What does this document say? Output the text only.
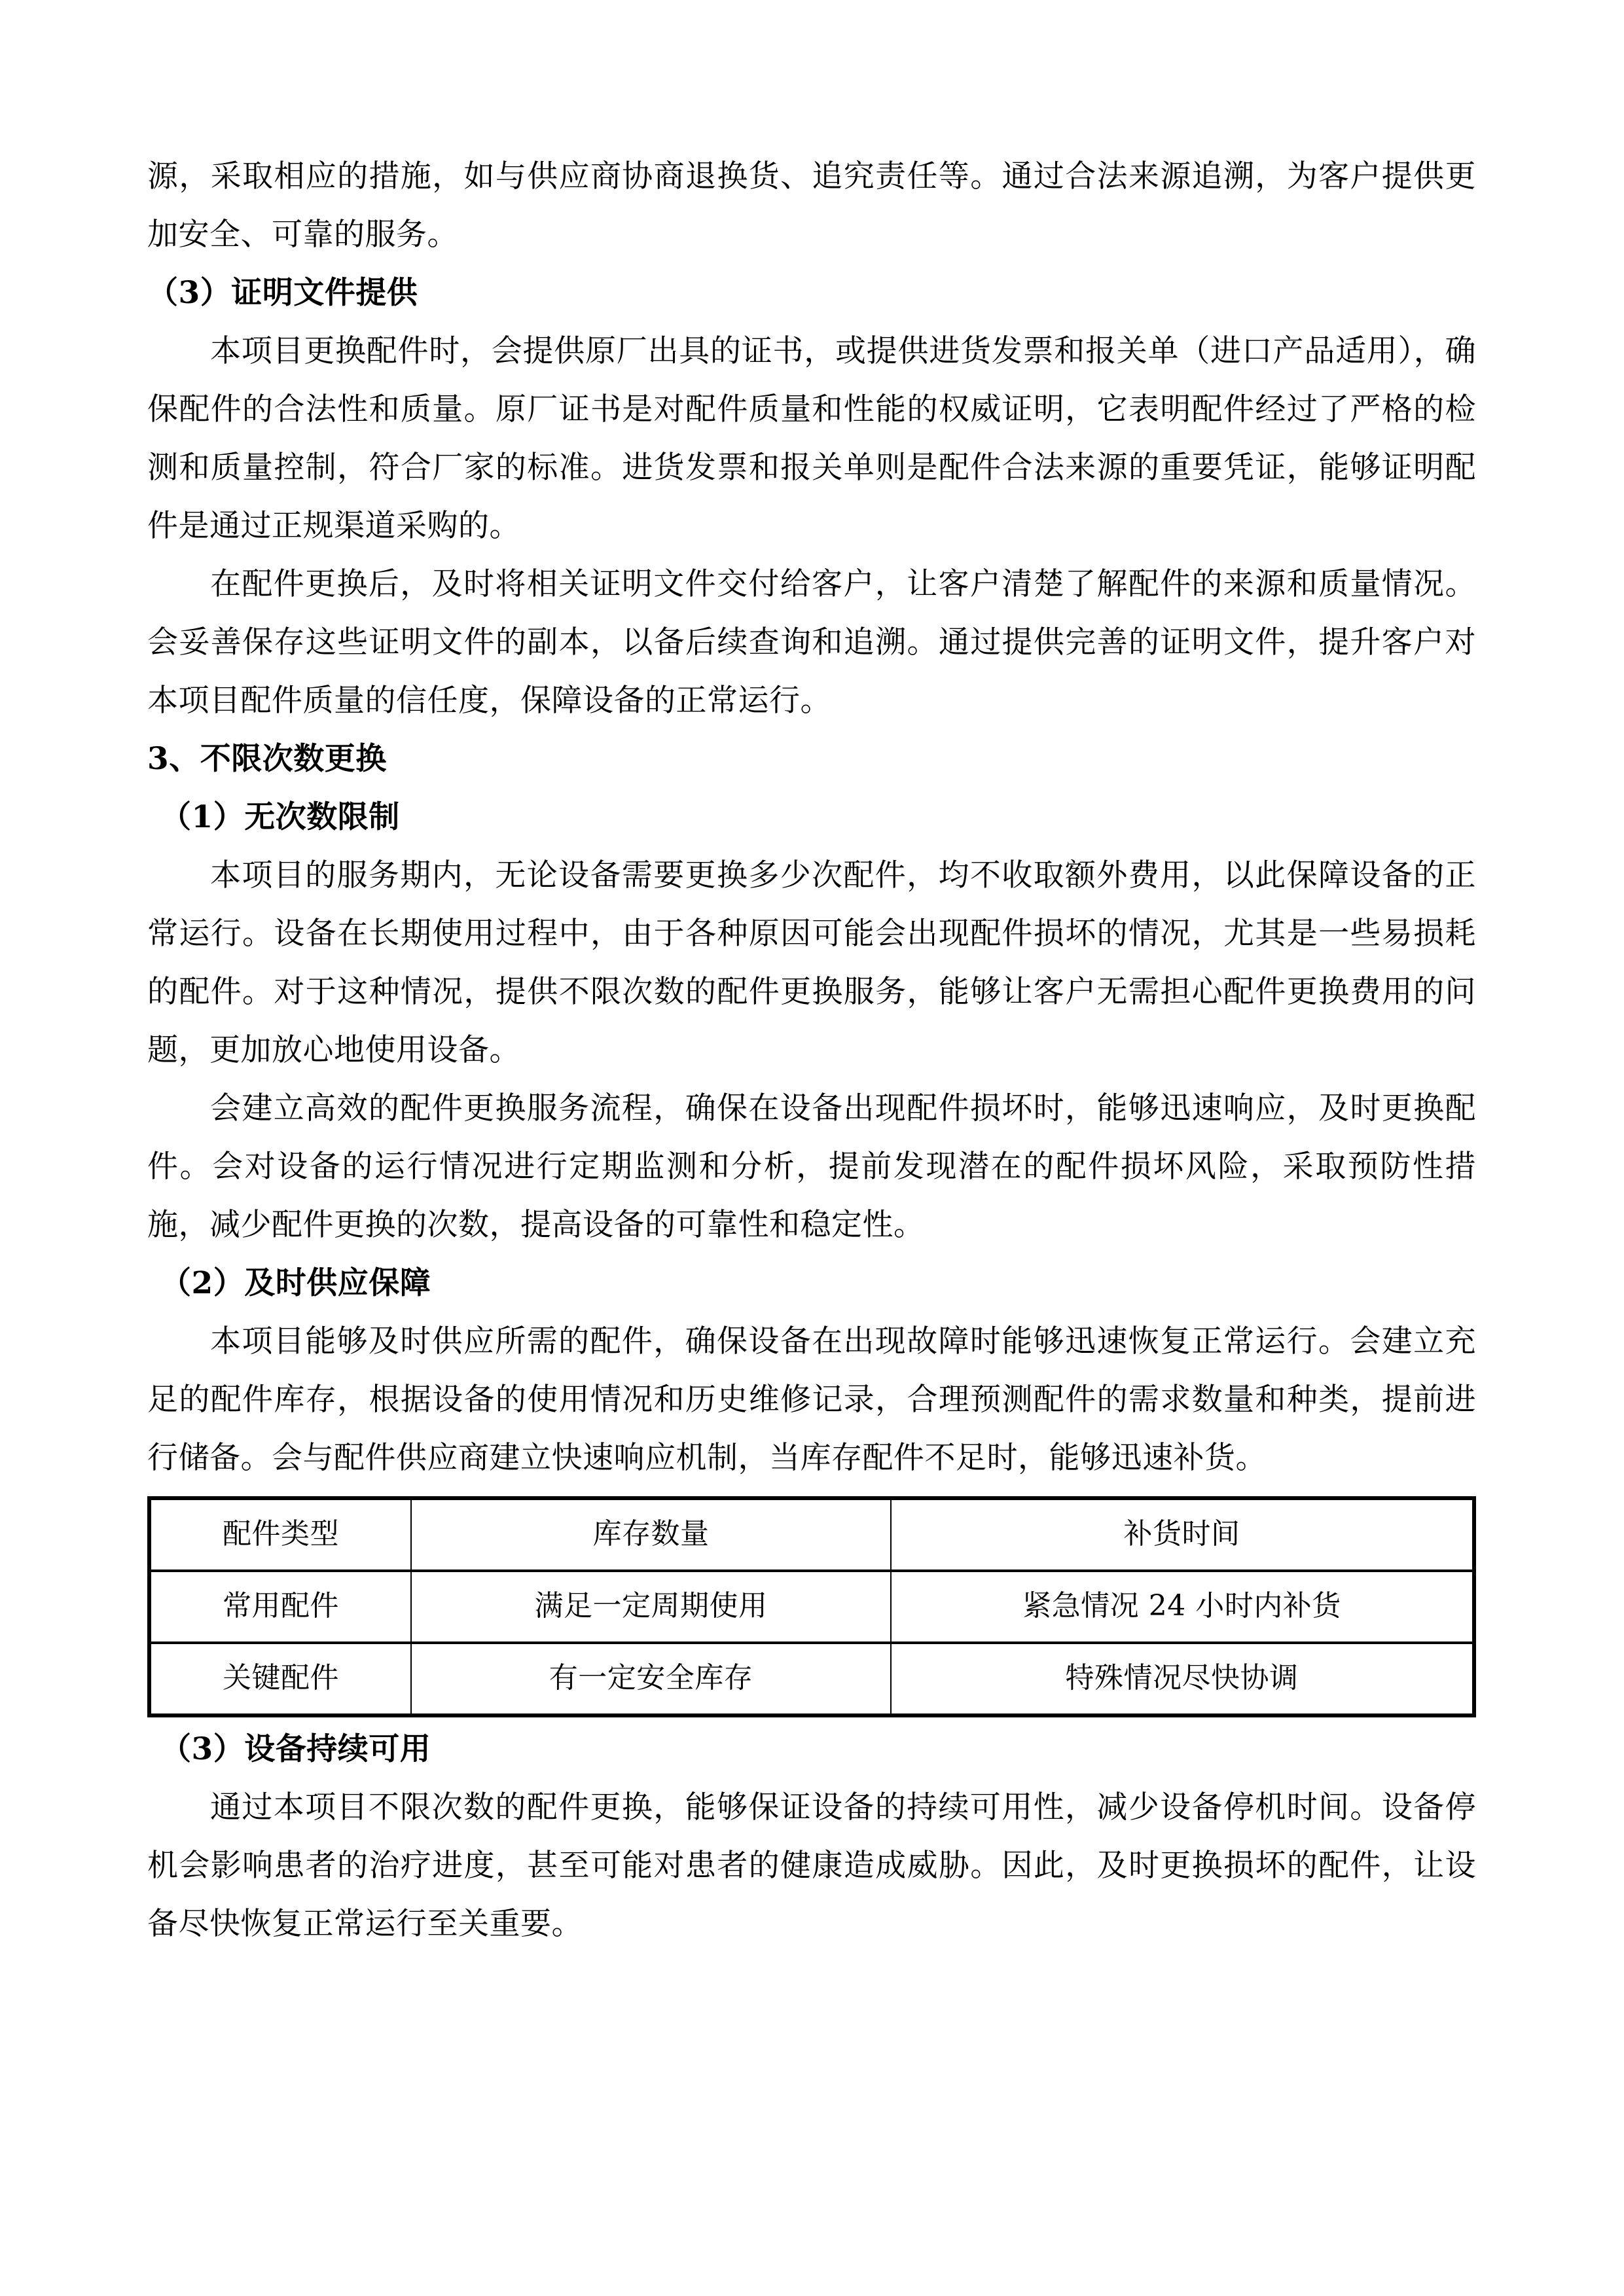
源，采取相应的措施，如与供应商协商退换货、追究责任等。通过合法来源追溯，为客户提供更加安全、可靠的服务。

（3）证明文件提供

本项目更换配件时，会提供原厂出具的证书，或提供进货发票和报关单（进口产品适用），确保配件的合法性和质量。原厂证书是对配件质量和性能的权威证明，它表明配件经过了严格的检测和质量控制，符合厂家的标准。进货发票和报关单则是配件合法来源的重要凭证，能够证明配件是通过正规渠道采购的。

在配件更换后，及时将相关证明文件交付给客户，让客户清楚了解配件的来源和质量情况。会妥善保存这些证明文件的副本，以备后续查询和追溯。通过提供完善的证明文件，提升客户对本项目配件质量的信任度，保障设备的正常运行。

3、不限次数更换

（1）无次数限制

本项目的服务期内，无论设备需要更换多少次配件，均不收取额外费用，以此保障设备的正常运行。设备在长期使用过程中，由于各种原因可能会出现配件损坏的情况，尤其是一些易损耗的配件。对于这种情况，提供不限次数的配件更换服务，能够让客户无需担心配件更换费用的问题，更加放心地使用设备。

会建立高效的配件更换服务流程，确保在设备出现配件损坏时，能够迅速响应，及时更换配件。会对设备的运行情况进行定期监测和分析，提前发现潜在的配件损坏风险，采取预防性措施，减少配件更换的次数，提高设备的可靠性和稳定性。

（2）及时供应保障

本项目能够及时供应所需的配件，确保设备在出现故障时能够迅速恢复正常运行。会建立充足的配件库存，根据设备的使用情况和历史维修记录，合理预测配件的需求数量和种类，提前进行储备。会与配件供应商建立快速响应机制，当库存配件不足时，能够迅速补货。

配件类型	库存数量	补货时间
常用配件	满足一定周期使用	紧急情况 24 小时内补货
关键配件	有一定安全库存	特殊情况尽快协调

（3）设备持续可用

通过本项目不限次数的配件更换，能够保证设备的持续可用性，减少设备停机时间。设备停机会影响患者的治疗进度，甚至可能对患者的健康造成威胁。因此，及时更换损坏的配件，让设备尽快恢复正常运行至关重要。
